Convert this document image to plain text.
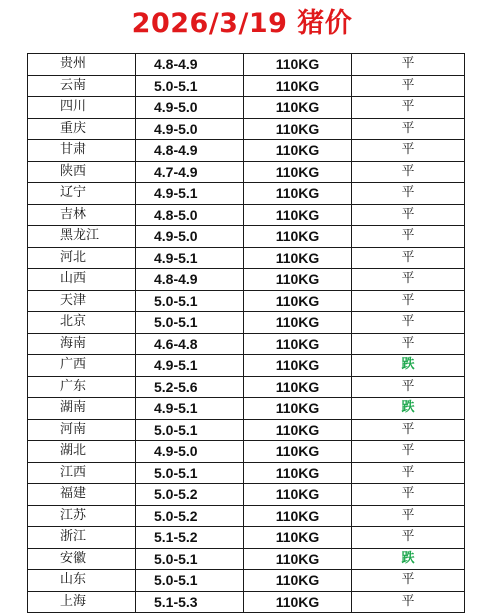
2026/3/19 猪价
贵州	4.8-4.9	110KG	平
云南	5.0-5.1	110KG	平
四川	4.9-5.0	110KG	平
重庆	4.9-5.0	110KG	平
甘肃	4.8-4.9	110KG	平
陕西	4.7-4.9	110KG	平
辽宁	4.9-5.1	110KG	平
吉林	4.8-5.0	110KG	平
黑龙江	4.9-5.0	110KG	平
河北	4.9-5.1	110KG	平
山西	4.8-4.9	110KG	平
天津	5.0-5.1	110KG	平
北京	5.0-5.1	110KG	平
海南	4.6-4.8	110KG	平
广西	4.9-5.1	110KG	跌
广东	5.2-5.6	110KG	平
湖南	4.9-5.1	110KG	跌
河南	5.0-5.1	110KG	平
湖北	4.9-5.0	110KG	平
江西	5.0-5.1	110KG	平
福建	5.0-5.2	110KG	平
江苏	5.0-5.2	110KG	平
浙江	5.1-5.2	110KG	平
安徽	5.0-5.1	110KG	跌
山东	5.0-5.1	110KG	平
上海	5.1-5.3	110KG	平
